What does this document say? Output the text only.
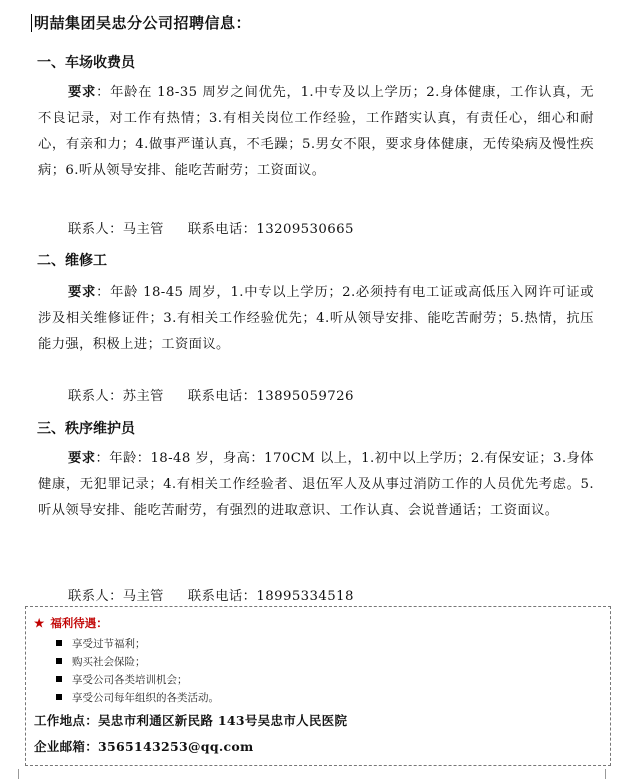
明喆集团吴忠分公司招聘信息：
一、车场收费员
要求：年龄在 18-35 周岁之间优先，1.中专及以上学历；2.身体健康，工作认真，无不良记录，对工作有热情；3.有相关岗位工作经验，工作踏实认真，有责任心，细心和耐心，有亲和力；4.做事严谨认真，不毛躁；5.男女不限，要求身体健康，无传染病及慢性疾病；6.听从领导安排、能吃苦耐劳；工资面议。
联系人：马主管 联系电话：13209530665
二、维修工
要求：年龄 18-45 周岁，1.中专以上学历；2.必须持有电工证或高低压入网许可证或涉及相关维修证件；3.有相关工作经验优先；4.听从领导安排、能吃苦耐劳；5.热情，抗压能力强，积极上进；工资面议。
联系人：苏主管 联系电话：13895059726
三、秩序维护员
要求：年龄：18-48 岁，身高：170CM 以上，1.初中以上学历；2.有保安证；3.身体健康，无犯罪记录；4.有相关工作经验者、退伍军人及从事过消防工作的人员优先考虑。5.听从领导安排、能吃苦耐劳，有强烈的进取意识、工作认真、会说普通话；工资面议。
联系人：马主管 联系电话：18995334518
★ 福利待遇：
享受过节福利；
购买社会保险；
享受公司各类培训机会；
享受公司每年组织的各类活动。
工作地点：吴忠市利通区新民路 143号吴忠市人民医院
企业邮箱：3565143253@qq.com
